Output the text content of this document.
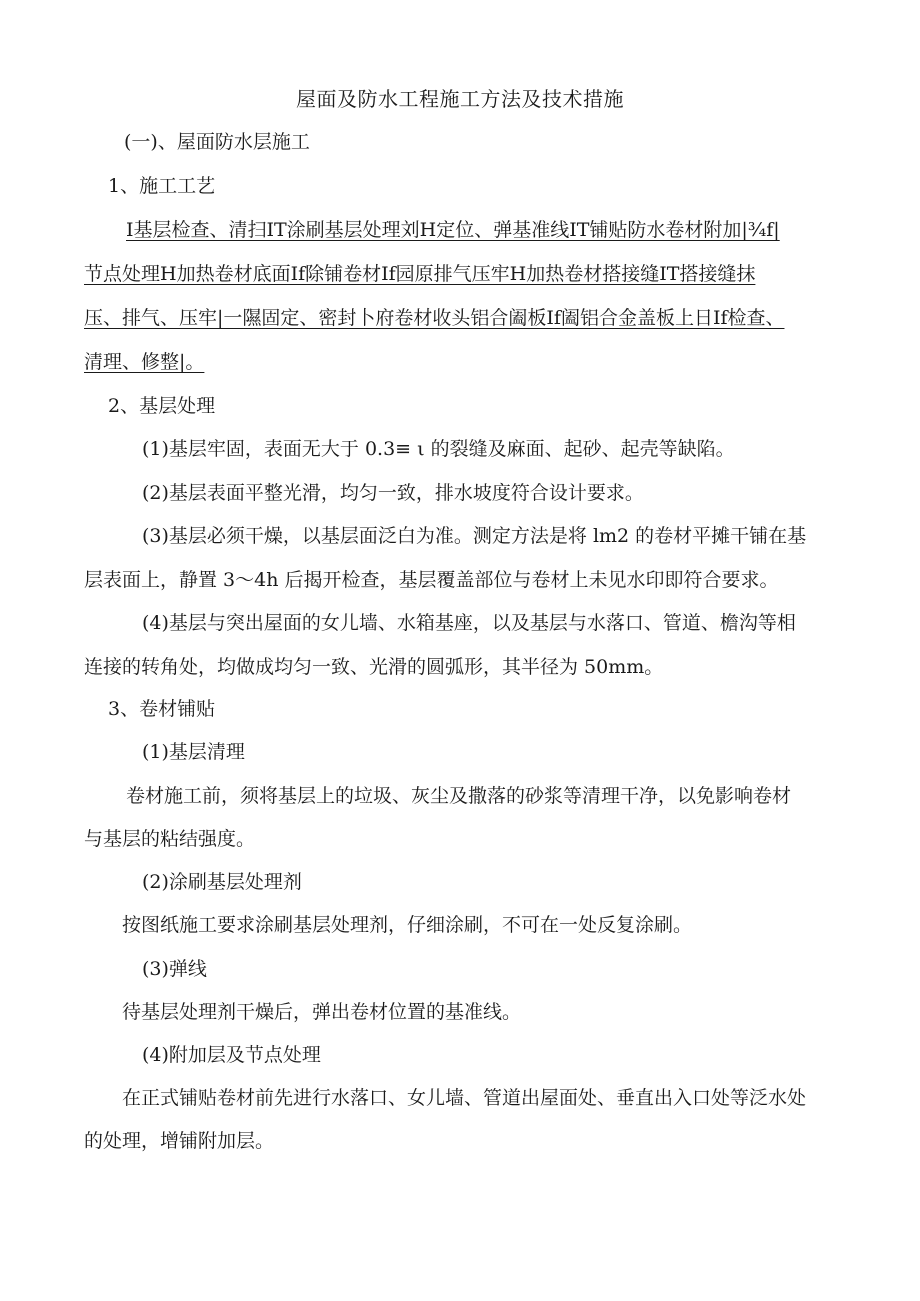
屋面及防水工程施工方法及技术措施
(一)、屋面防水层施工
1、施工工艺
I基层检查、清扫IT涂刷基层处理刘H定位、弹基准线IT铺贴防水卷材附加|¾f|
节点处理H加热卷材底面If除铺卷材If园原排气压牢H加热卷材搭接缝IT搭接缝抹
压、排气、压牢|一隰固定、密封卜府卷材收头铝合阖板If阖铝合金盖板上日If检查、
清理、修整|。
2、基层处理
(1)基层牢固，表面无大于 0.3≡ ι 的裂缝及麻面、起砂、起壳等缺陷。
(2)基层表面平整光滑，均匀一致，排水坡度符合设计要求。
(3)基层必须干燥，以基层面泛白为准。测定方法是将 lm2 的卷材平摊干铺在基
层表面上，静置 3～4h 后揭开检查，基层覆盖部位与卷材上未见水印即符合要求。
(4)基层与突出屋面的女儿墙、水箱基座，以及基层与水落口、管道、檐沟等相
连接的转角处，均做成均匀一致、光滑的圆弧形，其半径为 50mm。
3、卷材铺贴
(1)基层清理
卷材施工前，须将基层上的垃圾、灰尘及撒落的砂浆等清理干净，以免影响卷材
与基层的粘结强度。
(2)涂刷基层处理剂
按图纸施工要求涂刷基层处理剂，仔细涂刷，不可在一处反复涂刷。
(3)弹线
待基层处理剂干燥后，弹出卷材位置的基准线。
(4)附加层及节点处理
在正式铺贴卷材前先进行水落口、女儿墙、管道出屋面处、垂直出入口处等泛水处
的处理，增铺附加层。
